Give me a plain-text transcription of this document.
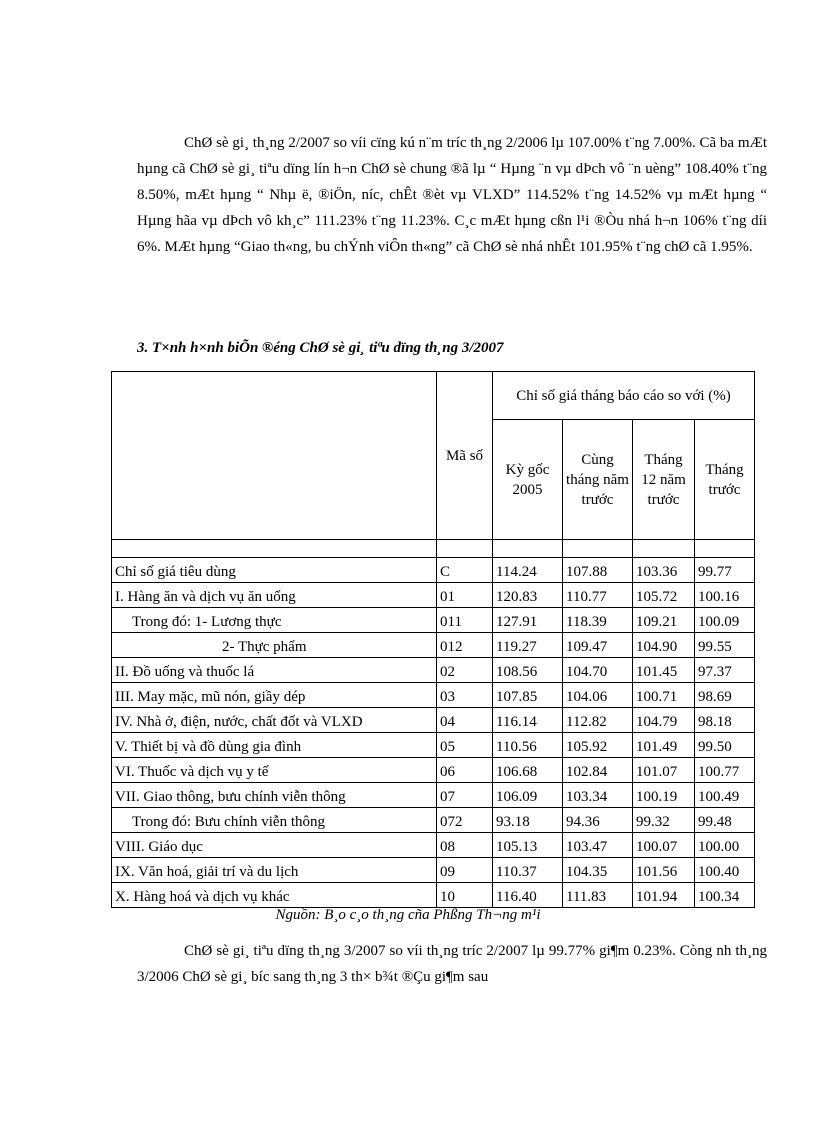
ChØ sè gi¸ th¸ng 2/2007 so víi cïng kú n¨m tríc th¸ng 2/2006 lµ 107.00% t¨ng 7.00%. Cã ba mÆt hµng cã ChØ sè gi¸ tiªu dïng lín h¬n ChØ sè chung ®ã lµ “ Hµng ¨n vµ dÞch vô ¨n uèng” 108.40% t¨ng 8.50%, mÆt hµng “ Nhµ ë, ®iÖn, níc, chÊt ®èt vµ VLXD” 114.52% t¨ng 14.52% vµ mÆt hµng “ Hµng hãa vµ dÞch vô kh¸c” 111.23% t¨ng 11.23%. C¸c mÆt hµng cßn l¹i ®Òu nhá h¬n 106% t¨ng díi 6%. MÆt hµng “Giao th«ng, bu chÝnh viÔn th«ng” cã ChØ sè nhá nhÊt 101.95% t¨ng chØ cã 1.95%.

3. T×nh h×nh biÕn ®éng ChØ sè gi¸ tiªu dïng th¸ng 3/2007

	Mã số	Chỉ số giá tháng báo cáo so với (%)			
		Kỳ gốc 2005	Cùng tháng năm trước	Tháng 12 năm trước	Tháng trước

Chỉ số giá tiêu dùng	C	114.24	107.88	103.36	99.77
I. Hàng ăn và dịch vụ ăn uống	01	120.83	110.77	105.72	100.16
Trong đó: 1- Lương thực	011	127.91	118.39	109.21	100.09
2- Thực phẩm	012	119.27	109.47	104.90	99.55
II. Đồ uống và thuốc lá	02	108.56	104.70	101.45	97.37
III. May mặc, mũ nón, giầy dép	03	107.85	104.06	100.71	98.69
IV. Nhà ở, điện, nước, chất đốt và VLXD	04	116.14	112.82	104.79	98.18
V. Thiết bị và đồ dùng gia đình	05	110.56	105.92	101.49	99.50
VI. Thuốc và dịch vụ y tế	06	106.68	102.84	101.07	100.77
VII. Giao thông, bưu chính viễn thông	07	106.09	103.34	100.19	100.49
Trong đó: Bưu chính viễn thông	072	93.18	94.36	99.32	99.48
VIII. Giáo dục	08	105.13	103.47	100.07	100.00
IX. Văn hoá, giải trí và du lịch	09	110.37	104.35	101.56	100.40
X. Hàng hoá và dịch vụ khác	10	116.40	111.83	101.94	100.34

Nguồn: B¸o c¸o th¸ng cña Phßng Th¬ng m¹i

ChØ sè gi¸ tiªu dïng th¸ng 3/2007 so víi th¸ng tríc 2/2007 lµ 99.77% gi¶m 0.23%. Còng nh th¸ng 3/2006 ChØ sè gi¸ bíc sang th¸ng 3 th× b¾t ®Çu gi¶m sau
